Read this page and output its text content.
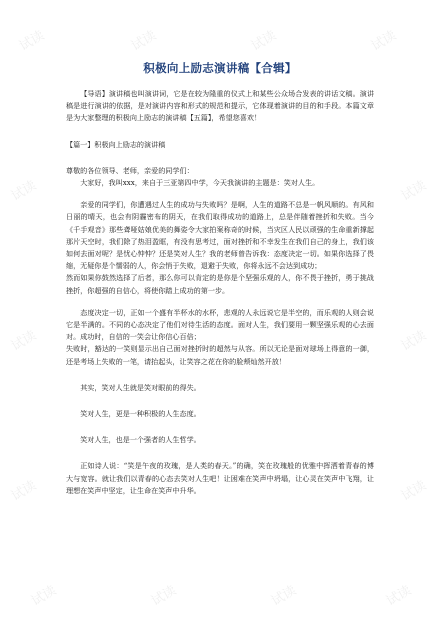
积极向上励志演讲稿【合辑】

【导语】演讲稿也叫演讲词，它是在较为隆重的仪式上和某些公众场合发表的讲话文稿。演讲稿是进行演讲的依据，是对演讲内容和形式的规范和提示，它体现着演讲的目的和手段。本篇文章是为大家整理的积极向上励志的演讲稿【五篇】，希望您喜欢！

【篇一】积极向上励志的演讲稿

尊敬的各位领导、老师，亲爱的同学们：

大家好，我叫xxx，来自于三亚第四中学，今天我演讲的主题是：笑对人生。

亲爱的同学们，你遭遇过人生的成功与失败吗？是啊，人生的道路不总是一帆风顺的。有风和日丽的晴天，也会有阴霾密布的阴天，在我们取得成功的道路上，总是伴随着挫折和失败。当今《千手观音》那些聋哑姑娘优美的舞姿令大家拍案称奇的时候，当灾区人民以顽强的生命重新撑起那片天空时，我们除了热泪盈眶，有没有思考过，面对挫折和不幸发生在我们自己的身上，我们该如何去面对呢？是忧心忡忡？还是笑对人生？我的老师曾告诉我：态度决定一切。如果你选择了畏缩，无疑你是个懦弱的人，你会悄于失败，退避于失败，你将永远不会达到成功；

然而如果你鼓然选择了后者，那么你可以肯定的是你是个坚强乐观的人，你不畏于挫折，勇于挑战挫折，你超强的自信心，将使你踏上成功的第一步。

态度决定一切，正如一个盛有半杯水的水杯，悲观的人永远说它是半空的，而乐观的人则会说它是半满的。不同的心态决定了他们对待生活的态度。面对人生，我们要用一颗坚强乐观的心去面对。成功时，自信的一笑会让你信心百倍；

失败时，豁达的一笑则显示出自己面对挫折时的超然与从容。所以无论是面对球场上得意的一御，还是考场上失败的一笔，请抬起头，让笑容之花在你的脸颊灿然开放！

其实，笑对人生就是笑对眼前的得失。

笑对人生，更是一种积极的人生态度。

笑对人生，也是一个强者的人生哲学。

正如诗人说：“笑是午夜的玫瑰，是人类的春天。”的确，笑在玫瑰般的优雅中挥洒着青春的博大与宽容。就让我们以青春的心态去笑对人生吧！让困难在笑声中坍塌，让心灵在笑声中飞翔，让理想在笑声中坚定，让生命在笑声中升华。

试读	试读	试读	试读
试读	试读
试读	试读
试读	试读
试读	试读	试读	试读
